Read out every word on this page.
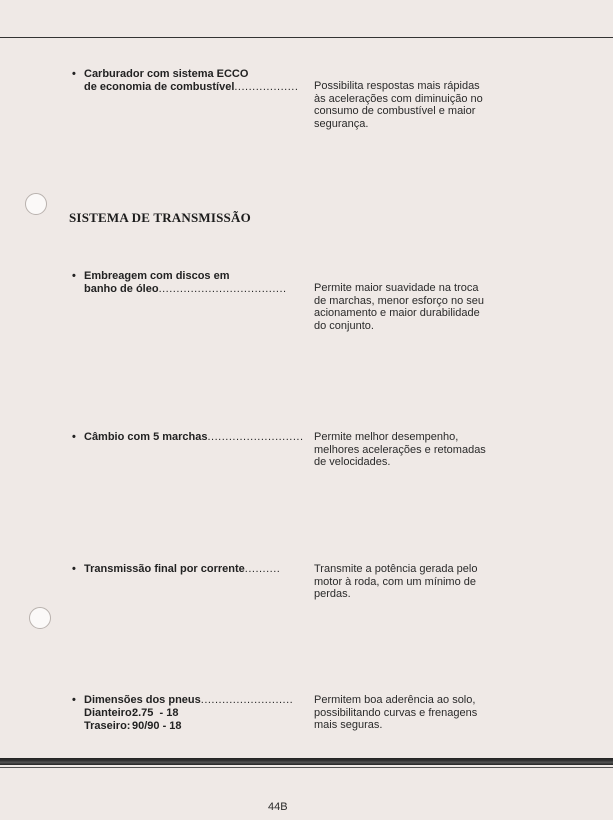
• Carburador com sistema ECCO
de economia de combustível..................	Possibilita respostas mais rápidas às acelerações com diminuição no consumo de combustível e maior segurança.
SISTEMA DE TRANSMISSÃO
• Embreagem com discos em
banho de óleo....................................	Permite maior suavidade na troca de marchas, menor esforço no seu acionamento e maior durabilidade do conjunto.
• Câmbio com 5 marchas........................... Permite melhor desempenho, melhores acelerações e retomadas de velocidades.
• Transmissão final por corrente..........	Transmite a potência gerada pelo motor à roda, com um mínimo de perdas.
• Dimensões dos pneus..........................
Dianteiro:2.75  - 18
Traseiro: 90/90 - 18
Permitem boa aderência ao solo, possibilitando curvas e frenagens mais seguras.
44B
